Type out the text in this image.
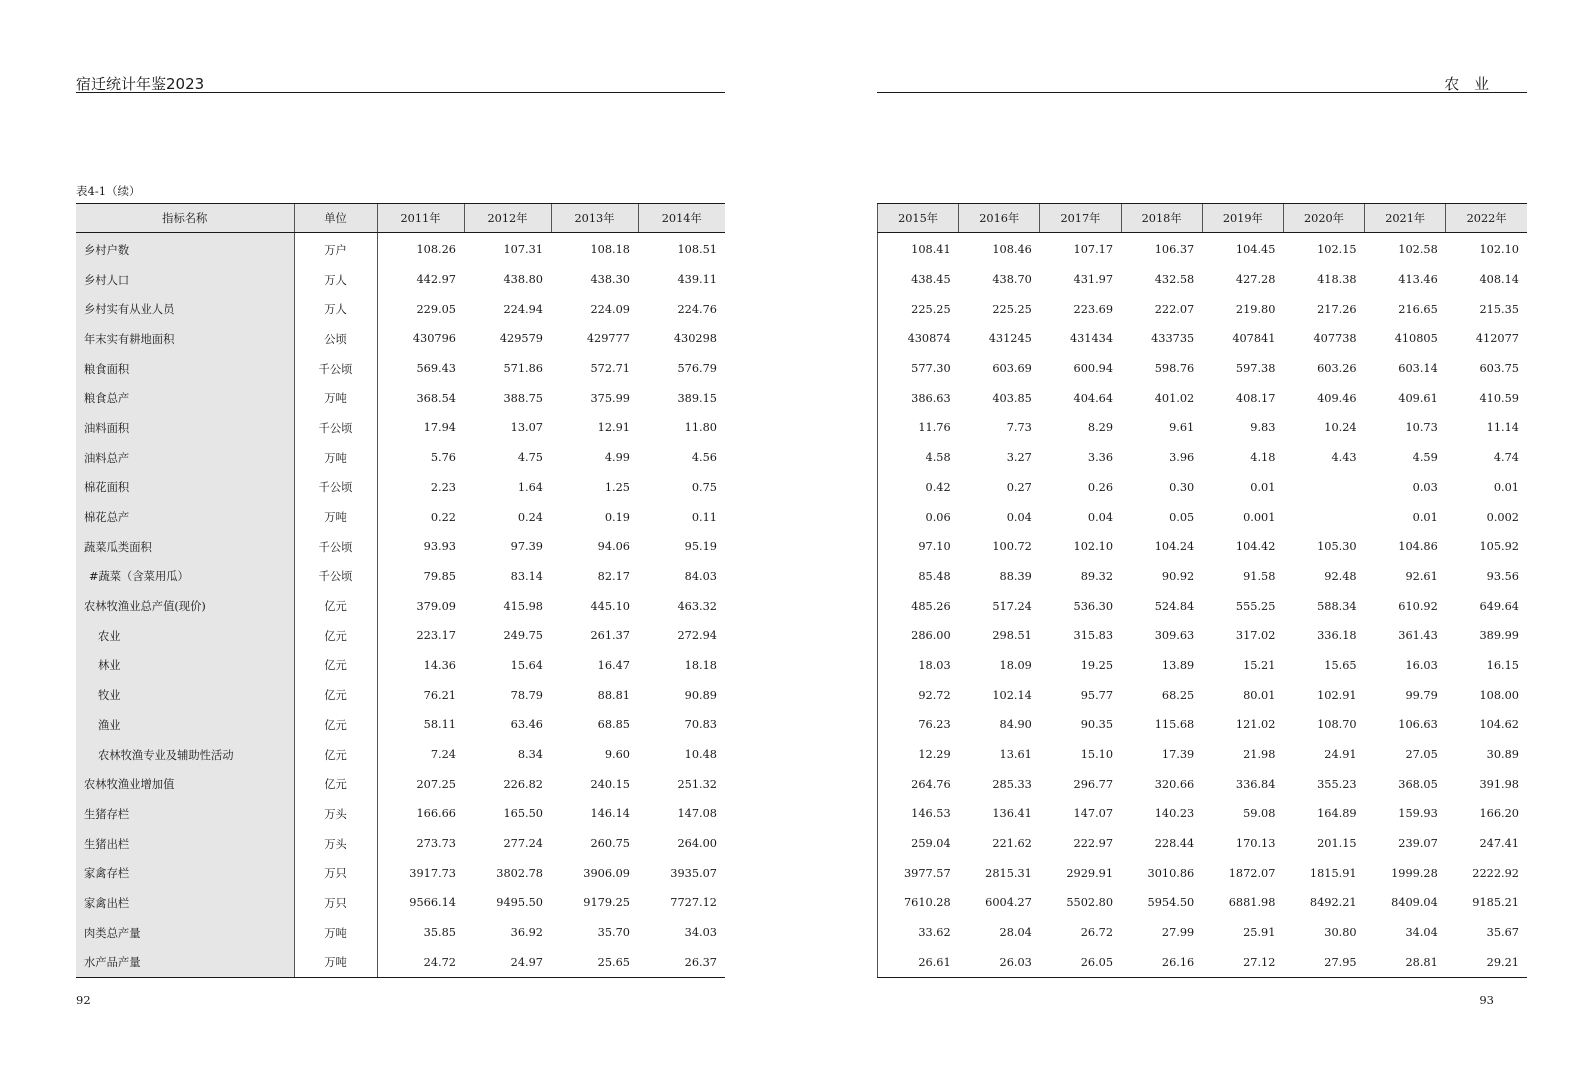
宿迁统计年鉴2023
表4-1（续）
指标名称	单位	2011年	2012年	2013年	2014年
乡村户数	万户	108.26	107.31	108.18	108.51
乡村人口	万人	442.97	438.80	438.30	439.11
乡村实有从业人员	万人	229.05	224.94	224.09	224.76
年末实有耕地面积	公顷	430796	429579	429777	430298
粮食面积	千公顷	569.43	571.86	572.71	576.79
粮食总产	万吨	368.54	388.75	375.99	389.15
油料面积	千公顷	17.94	13.07	12.91	11.80
油料总产	万吨	5.76	4.75	4.99	4.56
棉花面积	千公顷	2.23	1.64	1.25	0.75
棉花总产	万吨	0.22	0.24	0.19	0.11
蔬菜瓜类面积	千公顷	93.93	97.39	94.06	95.19
#蔬菜（含菜用瓜）	千公顷	79.85	83.14	82.17	84.03
农林牧渔业总产值(现价)	亿元	379.09	415.98	445.10	463.32
农业	亿元	223.17	249.75	261.37	272.94
林业	亿元	14.36	15.64	16.47	18.18
牧业	亿元	76.21	78.79	88.81	90.89
渔业	亿元	58.11	63.46	68.85	70.83
农林牧渔专业及辅助性活动	亿元	7.24	8.34	9.60	10.48
农林牧渔业增加值	亿元	207.25	226.82	240.15	251.32
生猪存栏	万头	166.66	165.50	146.14	147.08
生猪出栏	万头	273.73	277.24	260.75	264.00
家禽存栏	万只	3917.73	3802.78	3906.09	3935.07
家禽出栏	万只	9566.14	9495.50	9179.25	7727.12
肉类总产量	万吨	35.85	36.92	35.70	34.03
水产品产量	万吨	24.72	24.97	25.65	26.37
92
农 业
2015年	2016年	2017年	2018年	2019年	2020年	2021年	2022年
108.41	108.46	107.17	106.37	104.45	102.15	102.58	102.10
438.45	438.70	431.97	432.58	427.28	418.38	413.46	408.14
225.25	225.25	223.69	222.07	219.80	217.26	216.65	215.35
430874	431245	431434	433735	407841	407738	410805	412077
577.30	603.69	600.94	598.76	597.38	603.26	603.14	603.75
386.63	403.85	404.64	401.02	408.17	409.46	409.61	410.59
11.76	7.73	8.29	9.61	9.83	10.24	10.73	11.14
4.58	3.27	3.36	3.96	4.18	4.43	4.59	4.74
0.42	0.27	0.26	0.30	0.01		0.03	0.01
0.06	0.04	0.04	0.05	0.001		0.01	0.002
97.10	100.72	102.10	104.24	104.42	105.30	104.86	105.92
85.48	88.39	89.32	90.92	91.58	92.48	92.61	93.56
485.26	517.24	536.30	524.84	555.25	588.34	610.92	649.64
286.00	298.51	315.83	309.63	317.02	336.18	361.43	389.99
18.03	18.09	19.25	13.89	15.21	15.65	16.03	16.15
92.72	102.14	95.77	68.25	80.01	102.91	99.79	108.00
76.23	84.90	90.35	115.68	121.02	108.70	106.63	104.62
12.29	13.61	15.10	17.39	21.98	24.91	27.05	30.89
264.76	285.33	296.77	320.66	336.84	355.23	368.05	391.98
146.53	136.41	147.07	140.23	59.08	164.89	159.93	166.20
259.04	221.62	222.97	228.44	170.13	201.15	239.07	247.41
3977.57	2815.31	2929.91	3010.86	1872.07	1815.91	1999.28	2222.92
7610.28	6004.27	5502.80	5954.50	6881.98	8492.21	8409.04	9185.21
33.62	28.04	26.72	27.99	25.91	30.80	34.04	35.67
26.61	26.03	26.05	26.16	27.12	27.95	28.81	29.21
93
